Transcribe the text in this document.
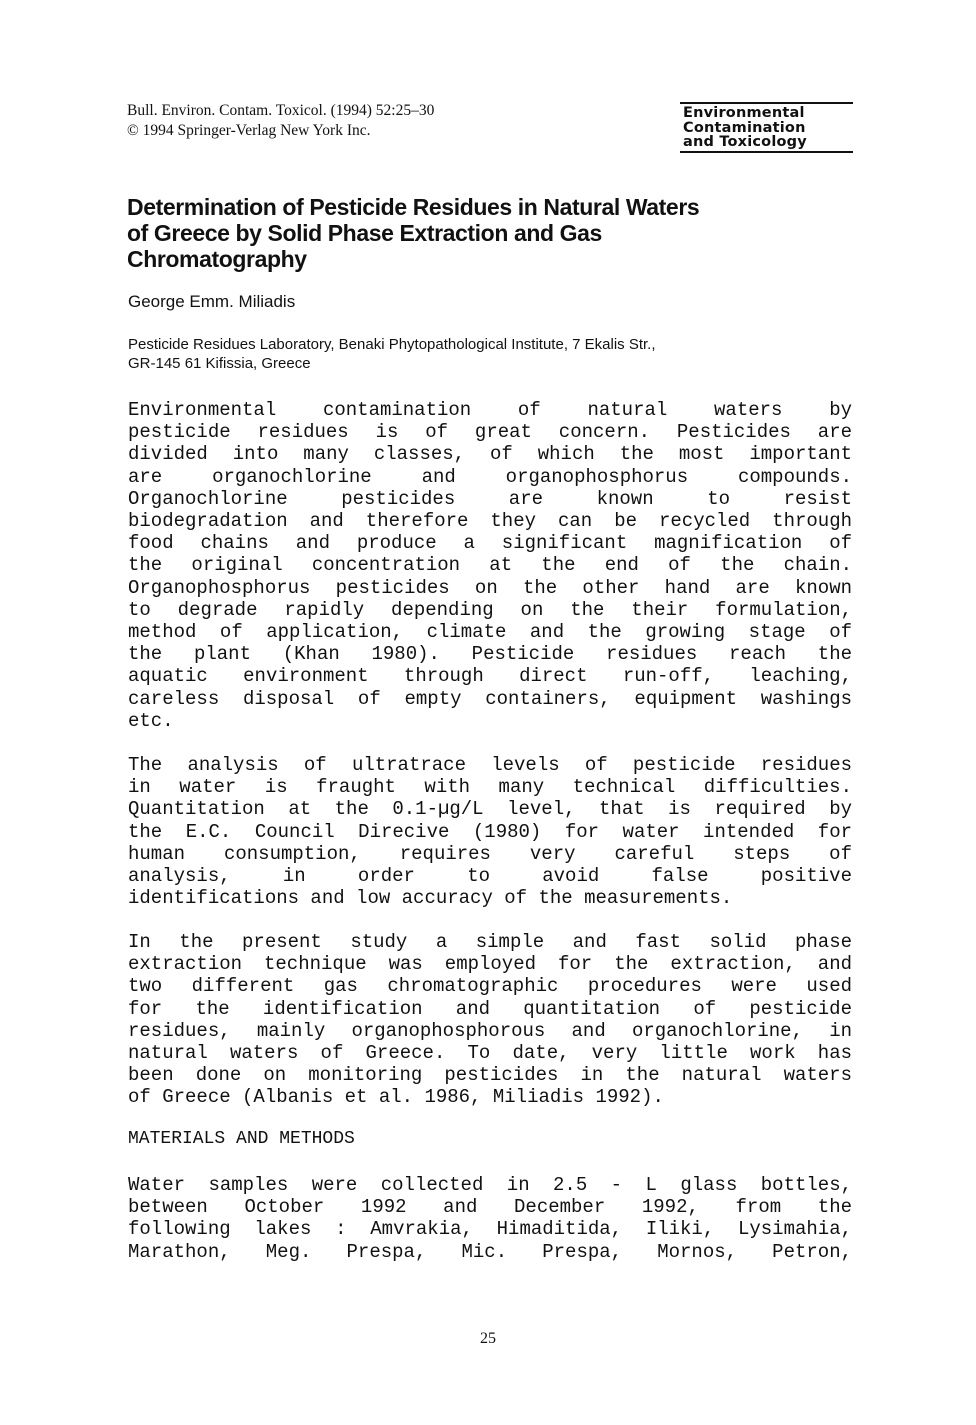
Bull. Environ. Contam. Toxicol. (1994) 52:25–30
© 1994 Springer-Verlag New York Inc.
Environmental
Contamination
and Toxicology
Determination of Pesticide Residues in Natural Waters
of Greece by Solid Phase Extraction and Gas
Chromatography
George Emm. Miliadis
Pesticide Residues Laboratory, Benaki Phytopathological Institute, 7 Ekalis Str.,
GR-145 61 Kifissia, Greece
Environmental contamination of natural waters by
pesticide residues is of great concern. Pesticides are
divided into many classes, of which the most important
are organochlorine and organophosphorus compounds.
Organochlorine pesticides are known to resist
biodegradation and therefore they can be recycled through
food chains and produce a significant magnification of
the original concentration at the end of the chain.
Organophosphorus pesticides on the other hand are known
to degrade rapidly depending on the their formulation,
method of application, climate and the growing stage of
the plant (Khan 1980). Pesticide residues reach the
aquatic environment through direct run-off, leaching,
careless disposal of empty containers, equipment washings
etc.
The analysis of ultratrace levels of pesticide residues
in water is fraught with many technical difficulties.
Quantitation at the 0.1-µg/L level, that is required by
the E.C. Council Direcive (1980) for water intended for
human consumption, requires very careful steps of
analysis, in order to avoid false positive
identifications and low accuracy of the measurements.
In the present study a simple and fast solid phase
extraction technique was employed for the extraction, and
two different gas chromatographic procedures were used
for the identification and quantitation of pesticide
residues, mainly organophosphorous and organochlorine, in
natural waters of Greece. To date, very little work has
been done on monitoring pesticides in the natural waters
of Greece (Albanis et al. 1986, Miliadis 1992).
MATERIALS AND METHODS
Water samples were collected in 2.5 - L glass bottles,
between October 1992 and December 1992, from the
following lakes : Amvrakia, Himaditida, Iliki, Lysimahia,
Marathon, Meg. Prespa, Mic. Prespa, Mornos, Petron,
25
